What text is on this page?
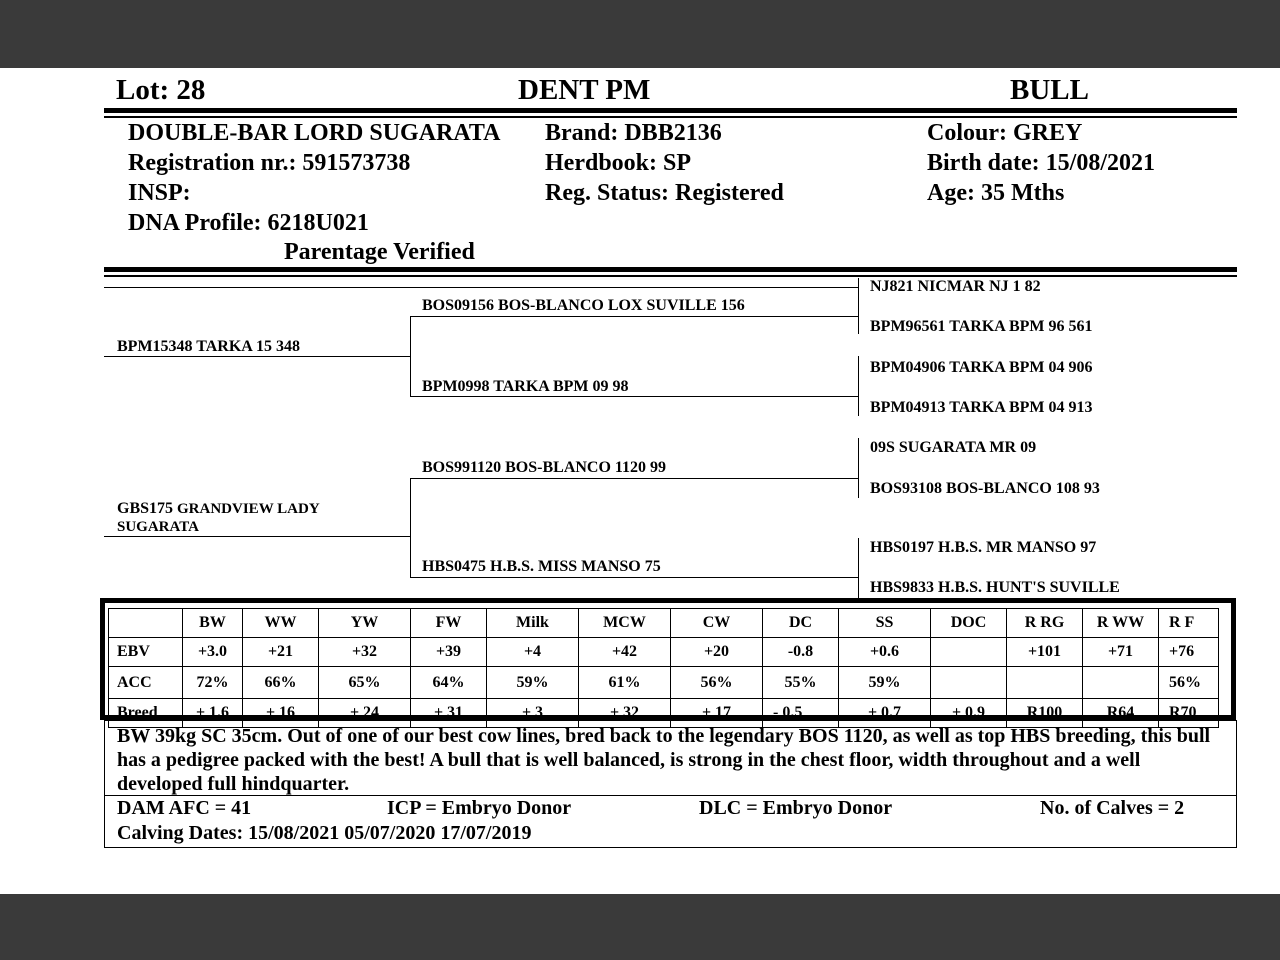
Lot: 28	DENT PM	BULL
DOUBLE-BAR LORD SUGARATA
Registration nr.: 591573738
INSP:
DNA Profile: 6218U021
Parentage Verified
Brand: DBB2136
Herdbook: SP
Reg. Status: Registered
Colour: GREY
Birth date: 15/08/2021
Age: 35 Mths
BPM15348 TARKA 15 348
GBS175 GRANDVIEW LADY
SUGARATA
BOS09156 BOS-BLANCO LOX SUVILLE 156
BPM0998 TARKA BPM 09 98
BOS991120 BOS-BLANCO 1120 99
HBS0475 H.B.S. MISS MANSO 75
NJ821 NICMAR NJ 1 82
BPM96561 TARKA BPM 96 561
BPM04906 TARKA BPM 04 906
BPM04913 TARKA BPM 04 913
09S SUGARATA MR 09
BOS93108 BOS-BLANCO 108 93
HBS0197 H.B.S. MR MANSO 97
HBS9833 H.B.S. HUNT'S SUVILLE
	BW	WW	YW	FW	Milk	MCW	CW	DC	SS	DOC	R RG	R WW	R F
EBV	+3.0	+21	+32	+39	+4	+42	+20	-0.8	+0.6		+101	+71	+76
ACC	72%	66%	65%	64%	59%	61%	56%	55%	59%				56%
Breed	+ 1.6	+ 16	+ 24	+ 31	+ 3	+ 32	+ 17	- 0.5	+ 0.7	+ 0.9	R100	R64	R70
BW 39kg SC 35cm. Out of one of our best cow lines, bred back to the legendary BOS 1120, as well as top HBS breeding, this bull has a pedigree packed with the best! A bull that is well balanced, is strong in the chest floor, width throughout and a well developed full hindquarter.
DAM AFC = 41	ICP = Embryo Donor	DLC = Embryo Donor	No. of Calves = 2
Calving Dates: 15/08/2021 05/07/2020 17/07/2019
